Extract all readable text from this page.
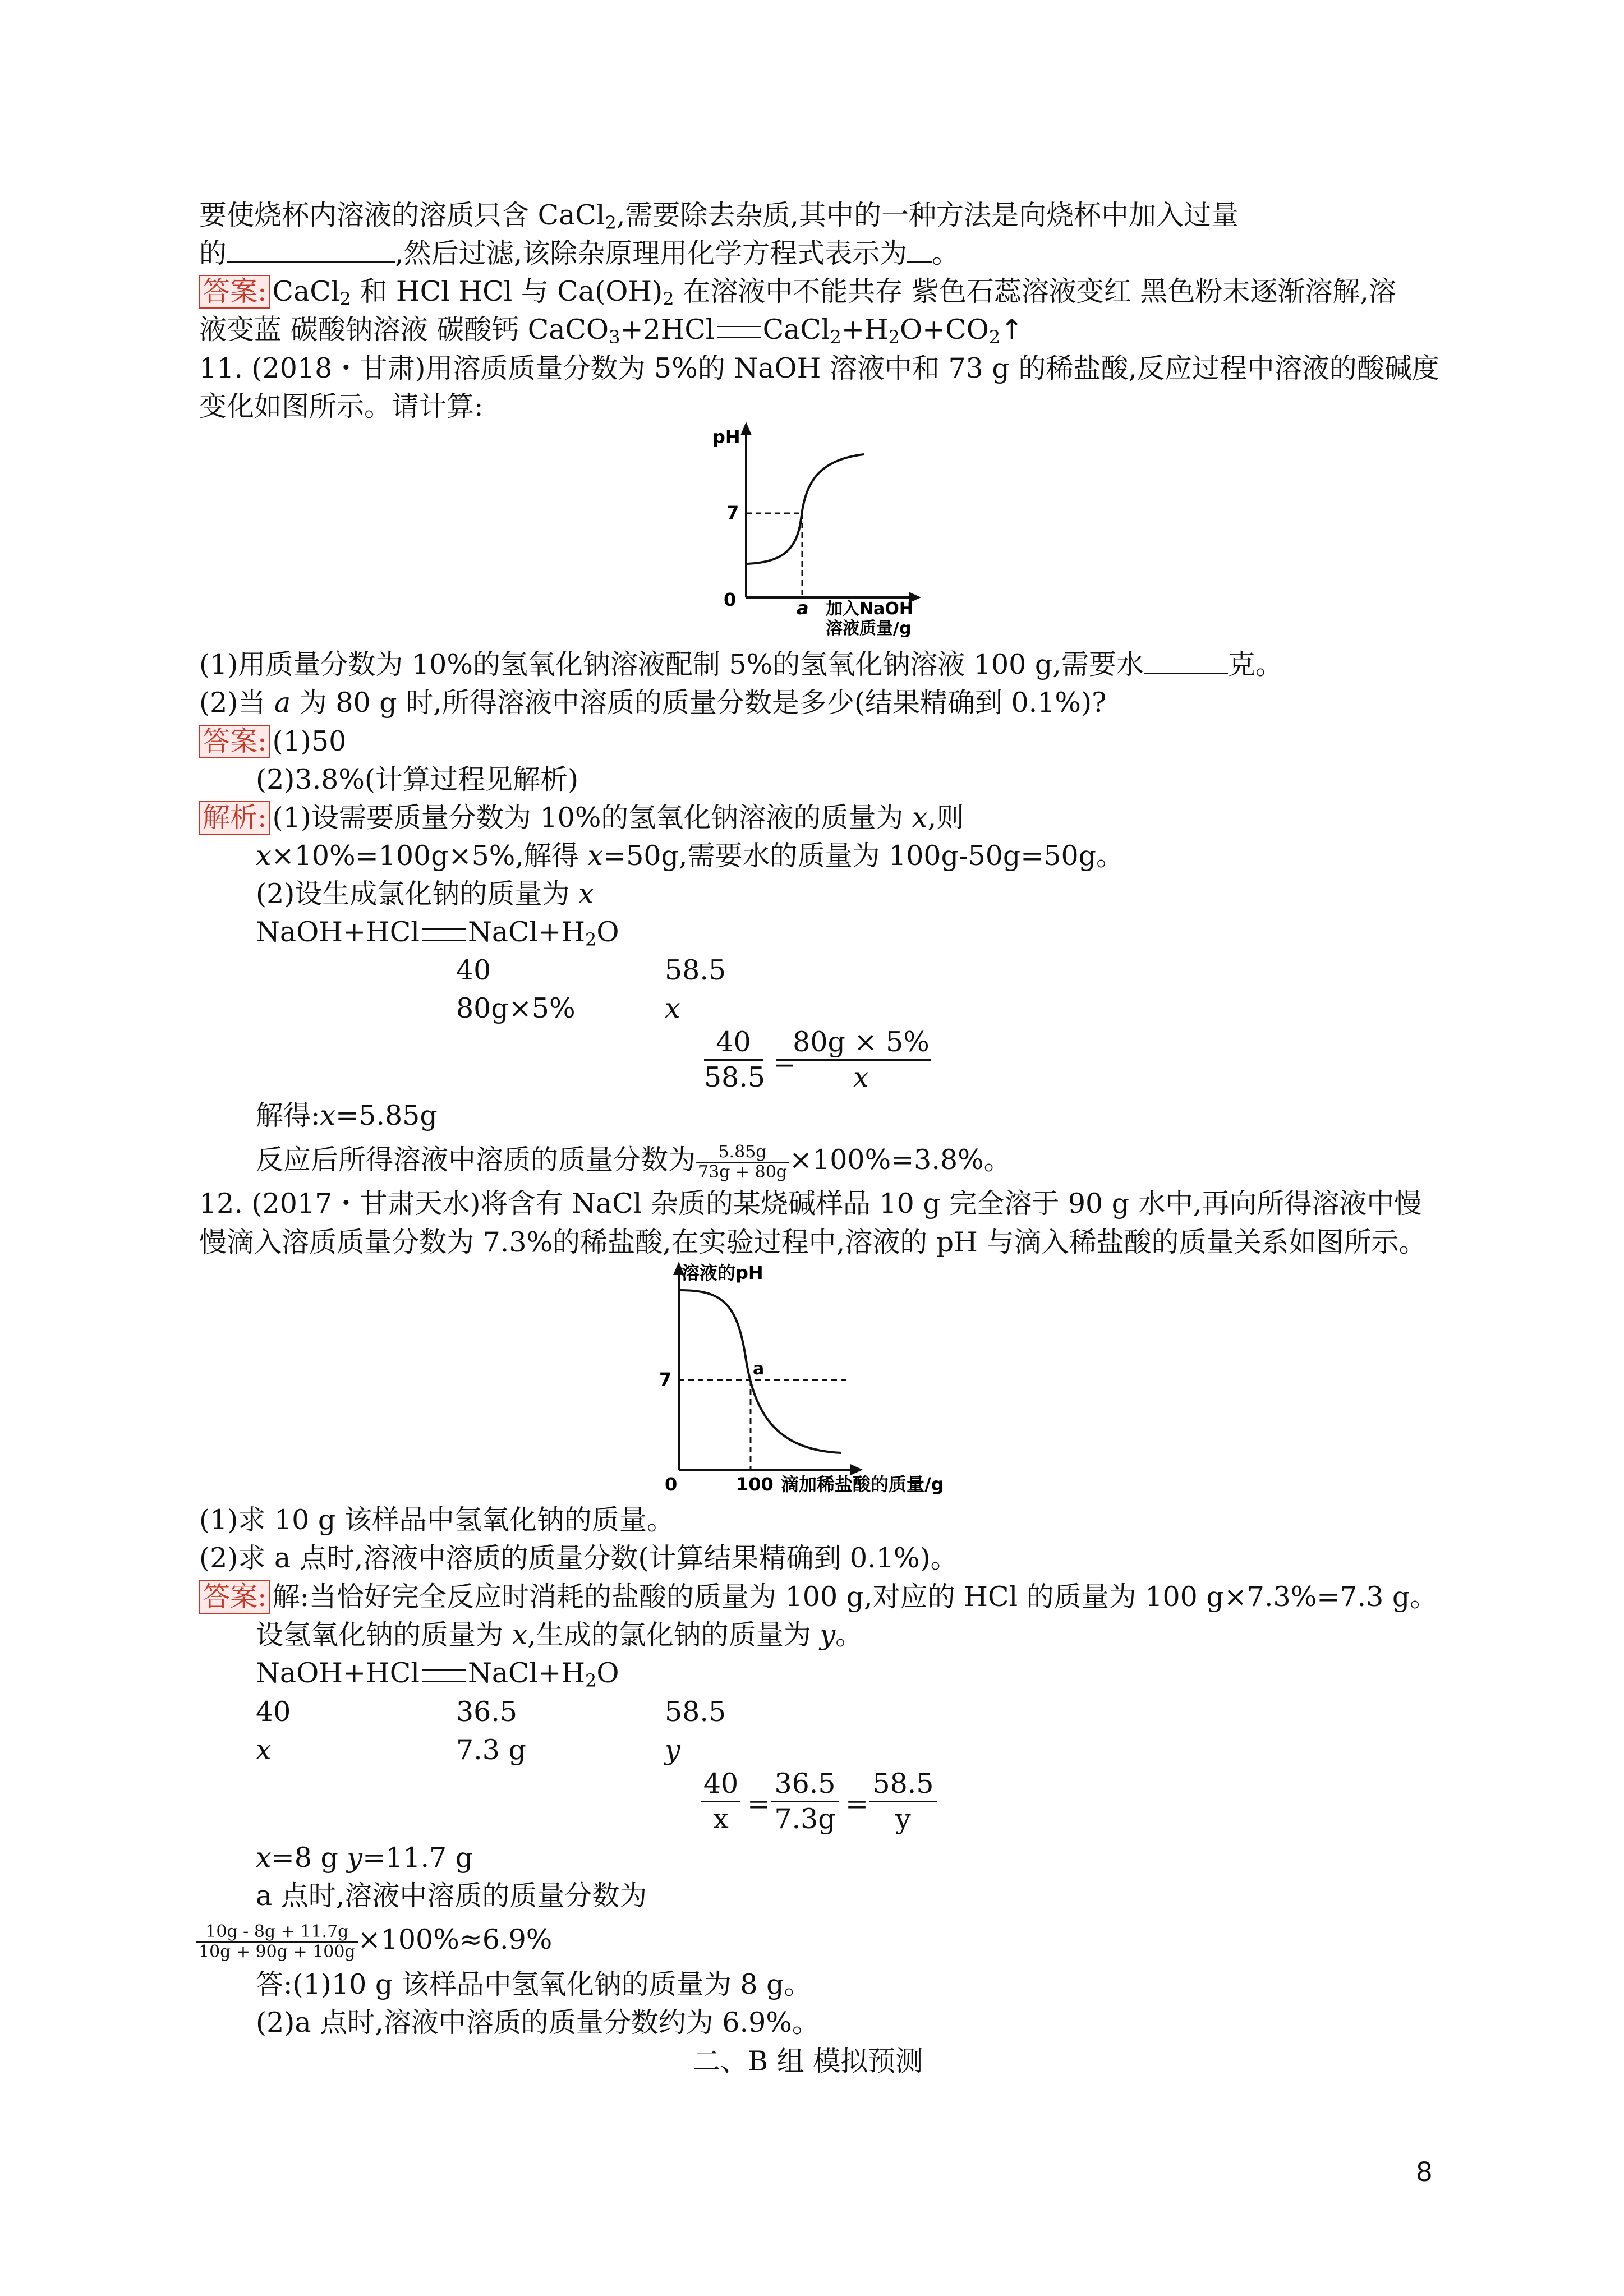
要使烧杯内溶液的溶质只含 CaCl$_2$,需要除去杂质,其中的一种方法是向烧杯中加入过量
的	,然后过滤,该除杂原理用化学方程式表示为 。
答案: CaCl$_2$ 和 HCl HCl 与 $Ca(OH)_2$ 在溶液中不能共存 紫色石蕊溶液变红 黑色粉末逐渐溶解,溶
液变蓝 碳酸钠溶液 碳酸钙 CaCO$_3$+2HCl $CaCl_2+H_2O+CO_2↑$
11. (2018・甘肃)用溶质质量分数为 5%的 NaOH 溶液中和 73 g 的稀盐酸,反应过程中溶液的酸碱度
变化如图所示。请计算:
pH
7
0	a 加入NaOH
溶液质量/g
(1)用质量分数为 10%的氢氧化钠溶液配制 5%的氢氧化钠溶液 100 g,需要水	克。
(2)当 a 为 80 g 时,所得溶液中溶质的质量分数是多少(结果精确到 0.1%)?
答案: (1)50
(2)3.8%(计算过程见解析)
解析: (1)设需要质量分数为 10%的氢氧化钠溶液的质量为 x,则
x×10%=100g×5%,解得 x=50g,需要水的质量为 100g-50g=50g。
(2)设生成氯化钠的质量为 x
NaOH+HCl $NaCl+H_2O$
40	58.5
80g×5%	x
40
58.5 =
80g × 5%
x
解得:x=5.85g
反应后所得溶液中溶质的质量分数为 $\frac{5.85g}{73g + 80g} \times 100\%=3.8\%$。
12. (2017・甘肃天水)将含有 NaCl 杂质的某烧碱样品 10 g 完全溶于 90 g 水中,再向所得溶液中慢
慢滴入溶质质量分数为 7.3%的稀盐酸,在实验过程中,溶液的 pH 与滴入稀盐酸的质量关系如图所示。
溶液的pH
7
0	100 滴加稀盐酸的质量/g
a
(1)求 10 g 该样品中氢氧化钠的质量。
(2)求 a 点时,溶液中溶质的质量分数(计算结果精确到 0.1%)。
答案: 解:当恰好完全反应时消耗的盐酸的质量为 100 g,对应的 HCl 的质量为 100 g×7.3%=7.3 g。
设氢氧化钠的质量为 x,生成的氯化钠的质量为 y。
NaOH+HCl $NaCl+H_2O$
40	36.5	58.5
x	7.3 g	y
40
x =
36.5
7.3g =
58.5
y
x=8 g y=11.7 g
a 点时,溶液中溶质的质量分数为
$\frac{10g - 8g + 11.7g}{10g + 90g + 100g} \times 100\%\approx 6.9\%$
答:(1)10 g 该样品中氢氧化钠的质量为 8 g。
(2)a 点时,溶液中溶质的质量分数约为 6.9%。
二、B 组 模拟预测
8
